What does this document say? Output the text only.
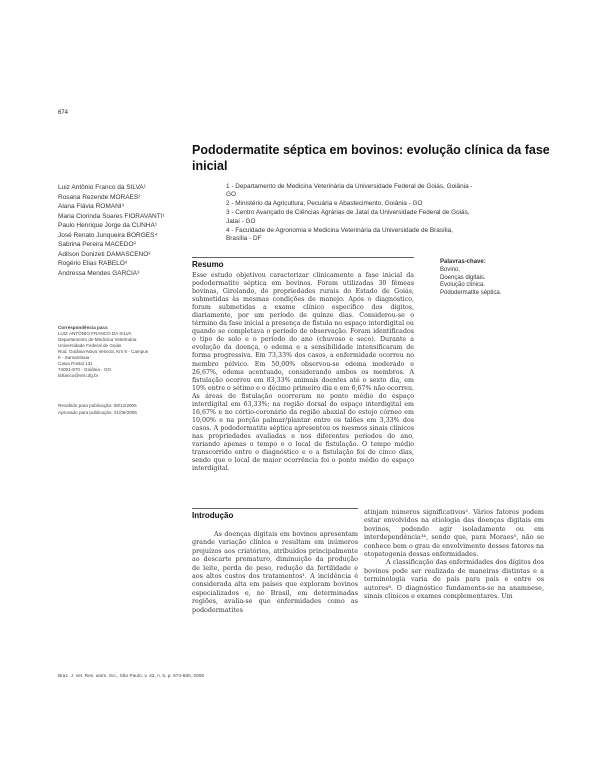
674
Pododermatite séptica em bovinos: evolução clínica da fase inicial
Luiz Antônio Franco da SILVA¹
Rosana Rezende MORAES²
Alana Flávia ROMANI³
Maria Clorinda Soares FIORAVANTI¹
Paulo Henrique Jorge da CUNHA¹
José Renato Junqueira BORGES⁴
Sabrina Pereira MACEDO³
Adilson Donizeti DAMASCENO³
Rogério Elias RABELO³
Andressa Mendes GARCIA³
Correspondência para:
LUIZ ANTÔNIO FRANCO DA SILVA
Departamento de Medicina Veterinária
Universidade Federal de Goiás
Rod. Goiânia-Nova Veneza, Km 8 - Campus
II - Samambaia
Caixa Postal 131
74001-970 - Goiânia - GO
lafranco@vet.ufg.br
Recebido para publicação: 08/12/2005
Aprovado para publicação: 01/06/2006
1 - Departamento de Medicina Veterinária da Universidade Federal de Goiás, Goiânia - GO
2 - Ministério da Agricultura, Pecuária e Abastecimento, Goiânia - GO
3 - Centro Avançado de Ciências Agrárias de Jataí da Universidade Federal de Goiás, Jataí - GO
4 - Faculdade de Agronomia e Medicina Veterinária da Universidade de Brasília, Brasília - DF
Resumo
Esse estudo objetivou caracterizar clinicamente a fase inicial da pododermatite séptica em bovinos. Foram utilizadas 30 fêmeas bovinas, Girolando, de propriedades rurais do Estado de Goiás, submetidas às mesmas condições de manejo. Após o diagnóstico, foram submetidas a exame clínico específico dos dígitos, diariamente, por um período de quinze dias. Considerou-se o término da fase inicial a presença de fístula no espaço interdigital ou quando se completava o período de observação. Foram identificados o tipo de solo e o período do ano (chuvoso e seco). Durante a evolução da doença, o edema e a sensibilidade intensificaram de forma progressiva. Em 73,33% dos casos, a enfermidade ocorreu no membro pélvico. Em 50,00% observou-se edema moderado e 26,67%, edema acentuado, considerando ambos os membros. A fistulação ocorreu em 83,33% animais doentes até o sexto dia, em 10% entre o sétimo e o décimo primeiro dia e em 6,67% não ocorreu. As áreas de fistulação ocorreram no ponto médio do espaço interdigital em 63,33%; na região dorsal do espaço interdigital em 16,67% e no córtio-coronário da região abaxial do estojo córneo em 10,00% e na porção palmar/plantar entre os talões em 3,33% dos casos. A pododermatite séptica apresentou os mesmos sinais clínicos nas propriedades avaliadas e nos diferentes períodos do ano, variando apenas o tempo e o local de fistulação. O tempo médio transcorrido entre o diagnóstico e o a fistulação foi de cinco dias, sendo que o local de maior ocorrência foi o ponto médio do espaço interdigital.
Palavras-chave:
Bovino.
Doenças digitais.
Evolução clínica.
Pododermatite séptica.
Introdução

As doenças digitais em bovinos apresentam grande variação clínica e resultam em inúmeros prejuízos aos criatórios, atribuídos principalmente ao descarte prematuro, diminuição da produção de leite, perda de peso, redução da fertilidade e aos altos custos dos tratamentos¹. A incidência é considerada alta em países que exploram bovinos especializados e, no Brasil, em determinadas regiões, avalia-se que enfermidades como as pododermatites

atinjam números significativos². Vários fatores podem estar envolvidos na etiologia das doenças digitais em bovinos, podendo agir isoladamente ou em interdependência³⁴, sendo que, para Moraes⁵, não se conhece bem o grau de envolvimento desses fatores na etopatogenia dessas enfermidades.

A classificação das enfermidades dos dígitos dos bovinos pode ser realizada de maneiras distintas e a terminologia varia de país para país e entre os autores⁶. O diagnóstico fundamenta-se na anamnese, sinais clínicos e exames complementares. Um

Braz. J. vet. Res. anim. Sci., São Paulo, v. 43, n. 5, p. 674-680, 2006
